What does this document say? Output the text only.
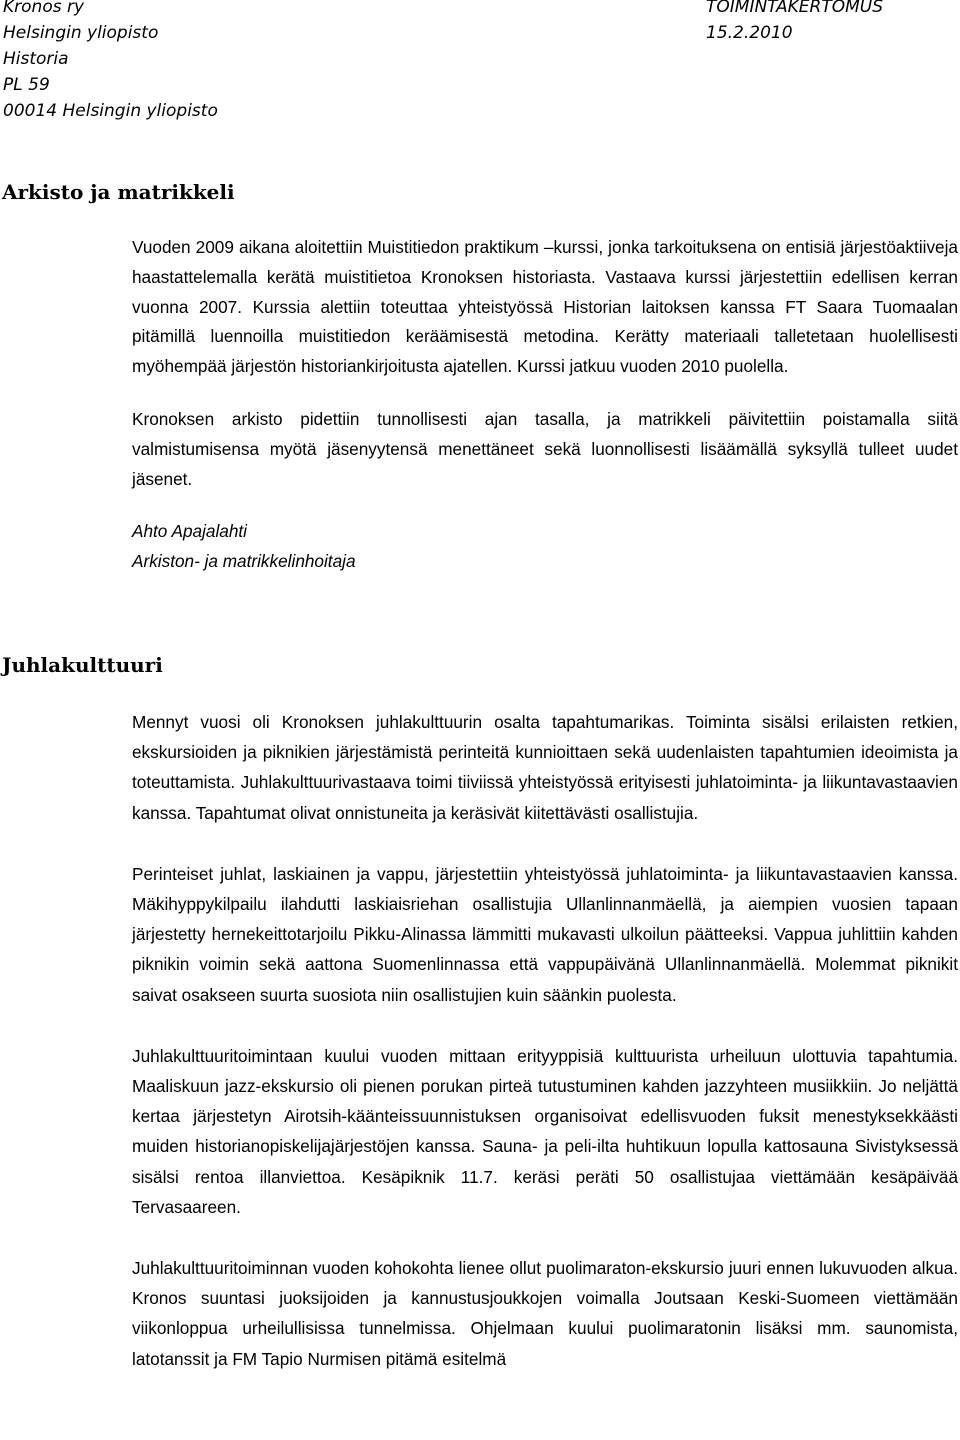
Kronos ry
Helsingin yliopisto
Historia
PL 59
00014 Helsingin yliopisto
TOIMINTAKERTOMUS
15.2.2010
Arkisto ja matrikkeli

Vuoden 2009 aikana aloitettiin Muistitiedon praktikum –kurssi, jonka tarkoituksena on entisiä järjestöaktiiveja haastattelemalla kerätä muistitietoa Kronoksen historiasta. Vastaava kurssi järjestettiin edellisen kerran vuonna 2007. Kurssia alettiin toteuttaa yhteistyössä Historian laitoksen kanssa FT Saara Tuomaalan pitämillä luennoilla muistitiedon keräämisestä metodina. Kerätty materiaali talletetaan huolellisesti myöhempää järjestön historiankirjoitusta ajatellen. Kurssi jatkuu vuoden 2010 puolella.

Kronoksen arkisto pidettiin tunnollisesti ajan tasalla, ja matrikkeli päivitettiin poistamalla siitä valmistumisensa myötä jäsenyytensä menettäneet sekä luonnollisesti lisäämällä syksyllä tulleet uudet jäsenet.

Ahto Apajalahti

Arkiston- ja matrikkelinhoitaja

Juhlakulttuuri

Mennyt vuosi oli Kronoksen juhlakulttuurin osalta tapahtumarikas. Toiminta sisälsi erilaisten retkien, ekskursioiden ja piknikien järjestämistä perinteitä kunnioittaen sekä uudenlaisten tapahtumien ideoimista ja toteuttamista. Juhlakulttuurivastaava toimi tiiviissä yhteistyössä erityisesti juhlatoiminta- ja liikuntavastaavien kanssa. Tapahtumat olivat onnistuneita ja keräsivät kiitettävästi osallistujia.

Perinteiset juhlat, laskiainen ja vappu, järjestettiin yhteistyössä juhlatoiminta- ja liikuntavastaavien kanssa. Mäkihyppykilpailu ilahdutti laskiaisriehan osallistujia Ullanlinnanmäellä, ja aiempien vuosien tapaan järjestetty hernekeittotarjoilu Pikku-Alinassa lämmitti mukavasti ulkoilun päätteeksi. Vappua juhlittiin kahden piknikin voimin sekä aattona Suomenlinnassa että vappupäivänä Ullanlinnanmäellä. Molemmat piknikit saivat osakseen suurta suosiota niin osallistujien kuin säänkin puolesta.

Juhlakulttuuritoimintaan kuului vuoden mittaan erityyppisiä kulttuurista urheiluun ulottuvia tapahtumia. Maaliskuun jazz-ekskursio oli pienen porukan pirteä tutustuminen kahden jazzyhteen musiikkiin. Jo neljättä kertaa järjestetyn Airotsih-käänteissuunnistuksen organisoivat edellisvuoden fuksit menestyksekkäästi muiden historianopiskelijajärjestöjen kanssa. Sauna- ja peli-ilta huhtikuun lopulla kattosauna Sivistyksessä sisälsi rentoa illanviettoa. Kesäpiknik 11.7. keräsi peräti 50 osallistujaa viettämään kesäpäivää Tervasaareen.

Juhlakulttuuritoiminnan vuoden kohokohta lienee ollut puolimaraton-ekskursio juuri ennen lukuvuoden alkua. Kronos suuntasi juoksijoiden ja kannustusjoukkojen voimalla Joutsaan Keski-Suomeen viettämään viikonloppua urheilullisissa tunnelmissa. Ohjelmaan kuului puolimaratonin lisäksi mm. saunomista, latotanssit ja FM Tapio Nurmisen pitämä esitelmä
